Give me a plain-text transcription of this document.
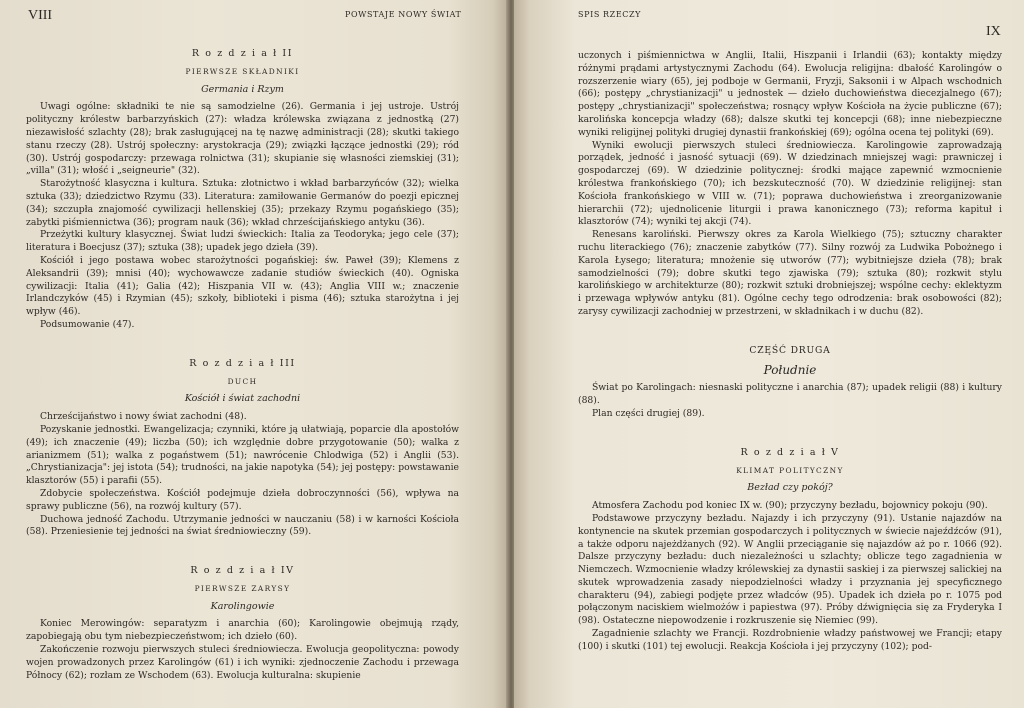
VIII	POWSTAJE NOWY ŚWIAT
R o z d z i a ł II
PIERWSZE SKŁADNIKI
Germania i Rzym

Uwagi ogólne: składniki te nie są samodzielne (26). Germania i jej ustroje. Ustrój polityczny królestw barbarzyńskich (27): władza królewska związana z jednostką (27) niezawisłość szlachty (28); brak zasługującej na tę nazwę administracji (28); skutki takiego stanu rzeczy (28). Ustrój społeczny: arystokracja (29); związki łączące jednostki (29); ród (30). Ustrój gospodarczy: przewaga rolnictwa (31); skupianie się własności ziemskiej (31); „villa" (31); włość i „seigneurie" (32).

Starożytność klasyczna i kultura. Sztuka: złotnictwo i wkład barbarzyńców (32); wielka sztuka (33); dziedzictwo Rzymu (33). Literatura: zamiłowanie Germanów do poezji epicznej (34); szczupła znajomość cywilizacji hellenskiej (35); przekazy Rzymu pogańskiego (35); zabytki piśmiennictwa (36); program nauk (36); wkład chrześcijańskiego antyku (36).

Przeżytki kultury klasycznej. Świat ludzi świeckich: Italia za Teodoryka; jego cele (37); literatura i Boecjusz (37); sztuka (38); upadek jego dzieła (39).

Kościół i jego postawa wobec starożytności pogańskiej: św. Paweł (39); Klemens z Aleksandrii (39); mnisi (40); wychowawcze zadanie studiów świeckich (40). Ogniska cywilizacji: Italia (41); Galia (42); Hiszpania VII w. (43); Anglia VIII w.; znaczenie Irlandczyków (45) i Rzymian (45); szkoły, biblioteki i pisma (46); sztuka starożytna i jej wpływ (46).

Podsumowanie (47).

R o z d z i a ł III
DUCH
Kościół i świat zachodni

Chrześcijaństwo i nowy świat zachodni (48).

Pozyskanie jednostki. Ewangelizacja; czynniki, które ją ułatwiają, poparcie dla apostołów (49); ich znaczenie (49); liczba (50); ich względnie dobre przygotowanie (50); walka z arianizmem (51); walka z pogaństwem (51); nawrócenie Chlodwiga (52) i Anglii (53). „Chrystianizacja": jej istota (54); trudności, na jakie napotyka (54); jej postępy: powstawanie klasztorów (55) i parafii (55).

Zdobycie społeczeństwa. Kościół podejmuje dzieła dobroczynności (56), wpływa na sprawy publiczne (56), na rozwój kultury (57).

Duchowa jedność Zachodu. Utrzymanie jedności w nauczaniu (58) i w karności Kościoła (58). Przeniesienie tej jedności na świat średniowieczny (59).

R o z d z i a ł IV
PIERWSZE ZARYSY
Karolingowie

Koniec Merowingów: separatyzm i anarchia (60); Karolingowie obejmują rządy, zapobiegają obu tym niebezpieczeństwom; ich dzieło (60).

Zakończenie rozwoju pierwszych stuleci średniowiecza. Ewolucja geopolityczna: powody wojen prowadzonych przez Karolingów (61) i ich wyniki: zjednoczenie Zachodu i przewaga Północy (62); rozłam ze Wschodem (63). Ewolucja kulturalna: skupienie

SPIS RZECZY
IX

uczonych i piśmiennictwa w Anglii, Italii, Hiszpanii i Irlandii (63); kontakty między różnymi prądami artystycznymi Zachodu (64). Ewolucja religijna: dbałość Karolingów o rozszerzenie wiary (65), jej podboje w Germanii, Fryzji, Saksonii i w Alpach wschodnich (66); postępy „chrystianizacji" u jednostek — dzieło duchowieństwa diecezjalnego (67); postępy „chrystianizacji" społeczeństwa; rosnący wpływ Kościoła na życie publiczne (67); karolińska koncepcja władzy (68); dalsze skutki tej koncepcji (68); inne niebezpieczne wyniki religijnej polityki drugiej dynastii frankońskiej (69); ogólna ocena tej polityki (69).

Wyniki ewolucji pierwszych stuleci średniowiecza. Karolingowie zaprowadzają porządek, jedność i jasność sytuacji (69). W dziedzinach mniejszej wagi: prawniczej i gospodarczej (69). W dziedzinie politycznej: środki mające zapewnić wzmocnienie królestwa frankońskiego (70); ich bezskuteczność (70). W dziedzinie religijnej: stan Kościoła frankońskiego w VIII w. (71); poprawa duchowieństwa i zreorganizowanie hierarchii (72); ujednolicenie liturgii i prawa kanonicznego (73); reforma kapituł i klasztorów (74); wyniki tej akcji (74).

Renesans karoliński. Pierwszy okres za Karola Wielkiego (75); sztuczny charakter ruchu literackiego (76); znaczenie zabytków (77). Silny rozwój za Ludwika Pobożnego i Karola Łysego; literatura; mnożenie się utworów (77); wybitniejsze dzieła (78); brak samodzielności (79); dobre skutki tego zjawiska (79); sztuka (80); rozkwit stylu karolińskiego w architekturze (80); rozkwit sztuki drobniejszej; wspólne cechy: eklektyzm i przewaga wpływów antyku (81). Ogólne cechy tego odrodzenia: brak osobowości (82); zarysy cywilizacji zachodniej w przestrzeni, w składnikach i w duchu (82).

CZĘŚĆ DRUGA
Południe

Świat po Karolingach: niesnaski polityczne i anarchia (87); upadek religii (88) i kultury (88).

Plan części drugiej (89).

R o z d z i a ł V
KLIMAT POLITYCZNY
Bezład czy pokój?

Atmosfera Zachodu pod koniec IX w. (90); przyczyny bezładu, bojownicy pokoju (90).

Podstawowe przyczyny bezładu. Najazdy i ich przyczyny (91). Ustanie najazdów na kontynencie na skutek przemian gospodarczych i politycznych w świecie najeźdźców (91), a także odporu najeżdżanych (92). W Anglii przeciąganie się najazdów aż po r. 1066 (92). Dalsze przyczyny bezładu: duch niezależności u szlachty; oblicze tego zagadnienia w Niemczech. Wzmocnienie władzy królewskiej za dynastii saskiej i za pierwszej salickiej na skutek wprowadzenia zasady niepodzielności władzy i przyznania jej specyficznego charakteru (94), zabiegi podjęte przez władców (95). Upadek ich dzieła po r. 1075 pod połączonym naciskiem wielmożów i papiestwa (97). Próby dźwignięcia się za Fryderyka I (98). Ostateczne niepowodzenie i rozkruszenie się Niemiec (99).

Zagadnienie szlachty we Francji. Rozdrobnienie władzy państwowej we Francji; etapy (100) i skutki (101) tej ewolucji. Reakcja Kościoła i jej przyczyny (102); pod-
